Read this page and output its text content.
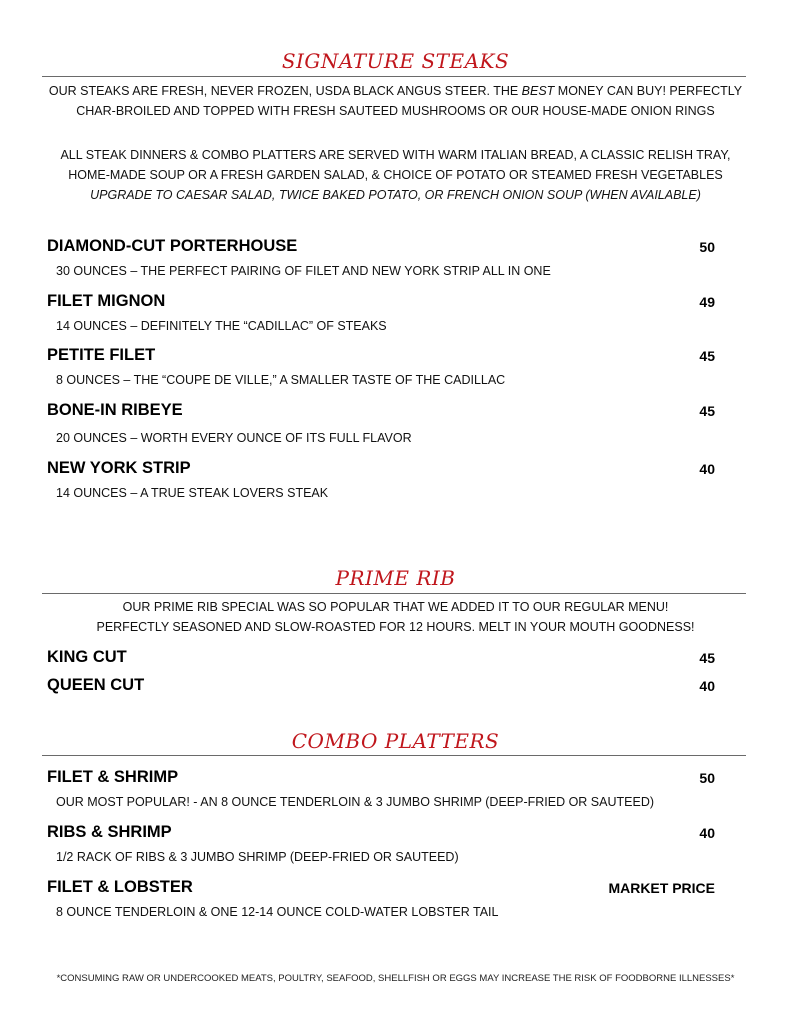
SIGNATURE STEAKS

OUR STEAKS ARE FRESH, NEVER FROZEN, USDA BLACK ANGUS STEER. THE BEST MONEY CAN BUY! PERFECTLY

CHAR-BROILED AND TOPPED WITH FRESH SAUTEED MUSHROOMS OR OUR HOUSE-MADE ONION RINGS

ALL STEAK DINNERS & COMBO PLATTERS ARE SERVED WITH WARM ITALIAN BREAD, A CLASSIC RELISH TRAY,

HOME-MADE SOUP OR A FRESH GARDEN SALAD, & CHOICE OF POTATO OR STEAMED FRESH VEGETABLES

UPGRADE TO CAESAR SALAD, TWICE BAKED POTATO, OR FRENCH ONION SOUP (WHEN AVAILABLE)

DIAMOND-CUT PORTERHOUSE	50
30 OUNCES – THE PERFECT PAIRING OF FILET AND NEW YORK STRIP ALL IN ONE
FILET MIGNON	49
14 OUNCES – DEFINITELY THE “CADILLAC” OF STEAKS
PETITE FILET	45
8 OUNCES – THE “COUPE DE VILLE,” A SMALLER TASTE OF THE CADILLAC
BONE-IN RIBEYE	45
20 OUNCES – WORTH EVERY OUNCE OF ITS FULL FLAVOR
NEW YORK STRIP	40
14 OUNCES – A TRUE STEAK LOVERS STEAK
PRIME RIB

OUR PRIME RIB SPECIAL WAS SO POPULAR THAT WE ADDED IT TO OUR REGULAR MENU!

PERFECTLY SEASONED AND SLOW-ROASTED FOR 12 HOURS. MELT IN YOUR MOUTH GOODNESS!

KING CUT	45
QUEEN CUT	40
COMBO PLATTERS
FILET & SHRIMP	50
OUR MOST POPULAR! - AN 8 OUNCE TENDERLOIN & 3 JUMBO SHRIMP (DEEP-FRIED OR SAUTEED)
RIBS & SHRIMP	40
1/2 RACK OF RIBS & 3 JUMBO SHRIMP (DEEP-FRIED OR SAUTEED)
FILET & LOBSTER	MARKET PRICE
8 OUNCE TENDERLOIN & ONE 12-14 OUNCE COLD-WATER LOBSTER TAIL
*CONSUMING RAW OR UNDERCOOKED MEATS, POULTRY, SEAFOOD, SHELLFISH OR EGGS MAY INCREASE THE RISK OF FOODBORNE ILLNESSES*
